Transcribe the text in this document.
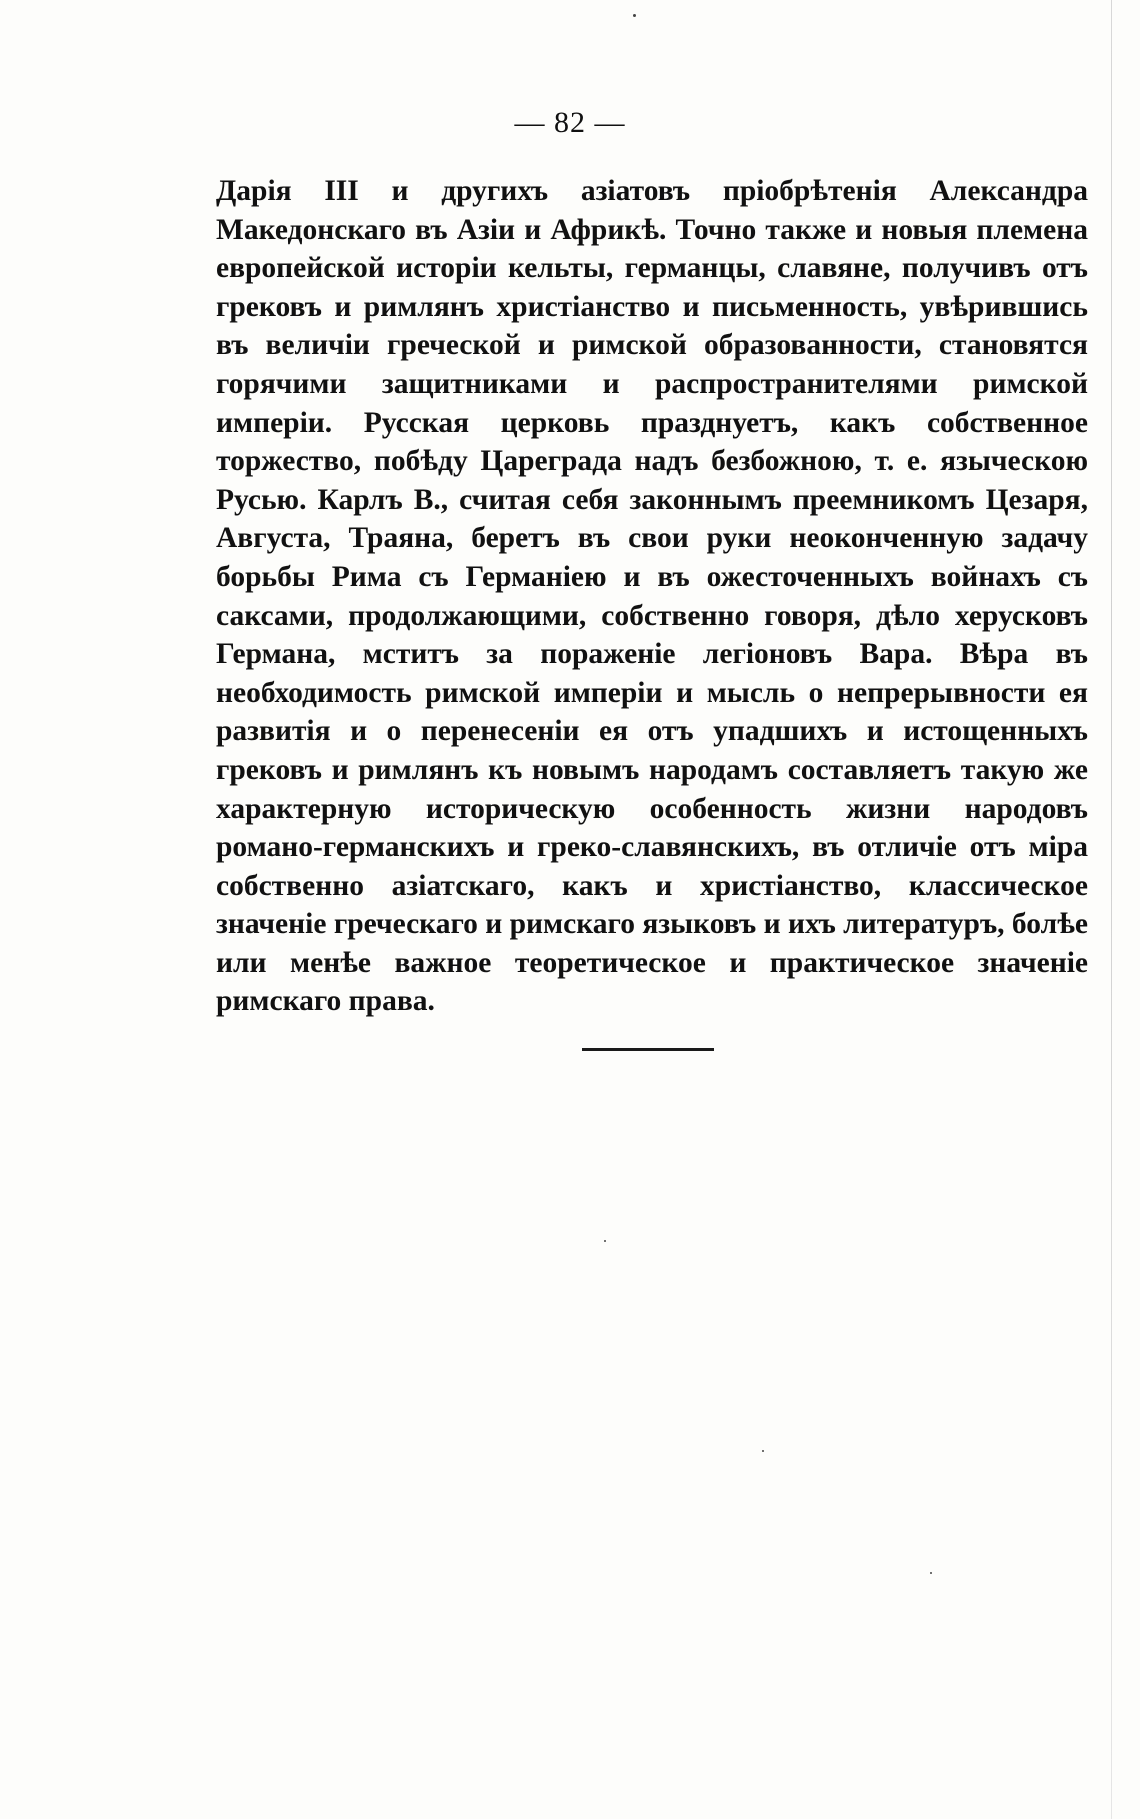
— 82 —

Дарія III и другихъ азіатовъ пріобрѣтенія Александра Македонскаго въ Азіи и Африкѣ. Точно также и новыя племена европейской исторіи кельты, германцы, славяне, получивъ отъ грековъ и римлянъ христіанство и письменность, увѣрившись въ величіи греческой и римской образованности, становятся горячими защитниками и распространителями римской имперіи. Русская церковь празднуетъ, какъ собственное торжество, побѣду Цареграда надъ безбожною, т. е. языческою Русью. Карлъ В., считая себя законнымъ преемникомъ Цезаря, Августа, Траяна, беретъ въ свои руки неоконченную задачу борьбы Рима съ Германіею и въ ожесточенныхъ войнахъ съ саксами, продолжающими, собственно говоря, дѣло херусковъ Германа, мститъ за пораженіе легіоновъ Вара. Вѣра въ необходимость римской имперіи и мысль о непрерывности ея развитія и о перенесеніи ея отъ упадшихъ и истощенныхъ грековъ и римлянъ къ новымъ народамъ составляетъ такую же характерную историческую особенность жизни народовъ романо-германскихъ и греко-славянскихъ, въ отличіе отъ міра собственно азіатскаго, какъ и христіанство, классическое значеніе греческаго и римскаго языковъ и ихъ литературъ, болѣе или менѣе важное теоретическое и практическое значеніе римскаго права.
